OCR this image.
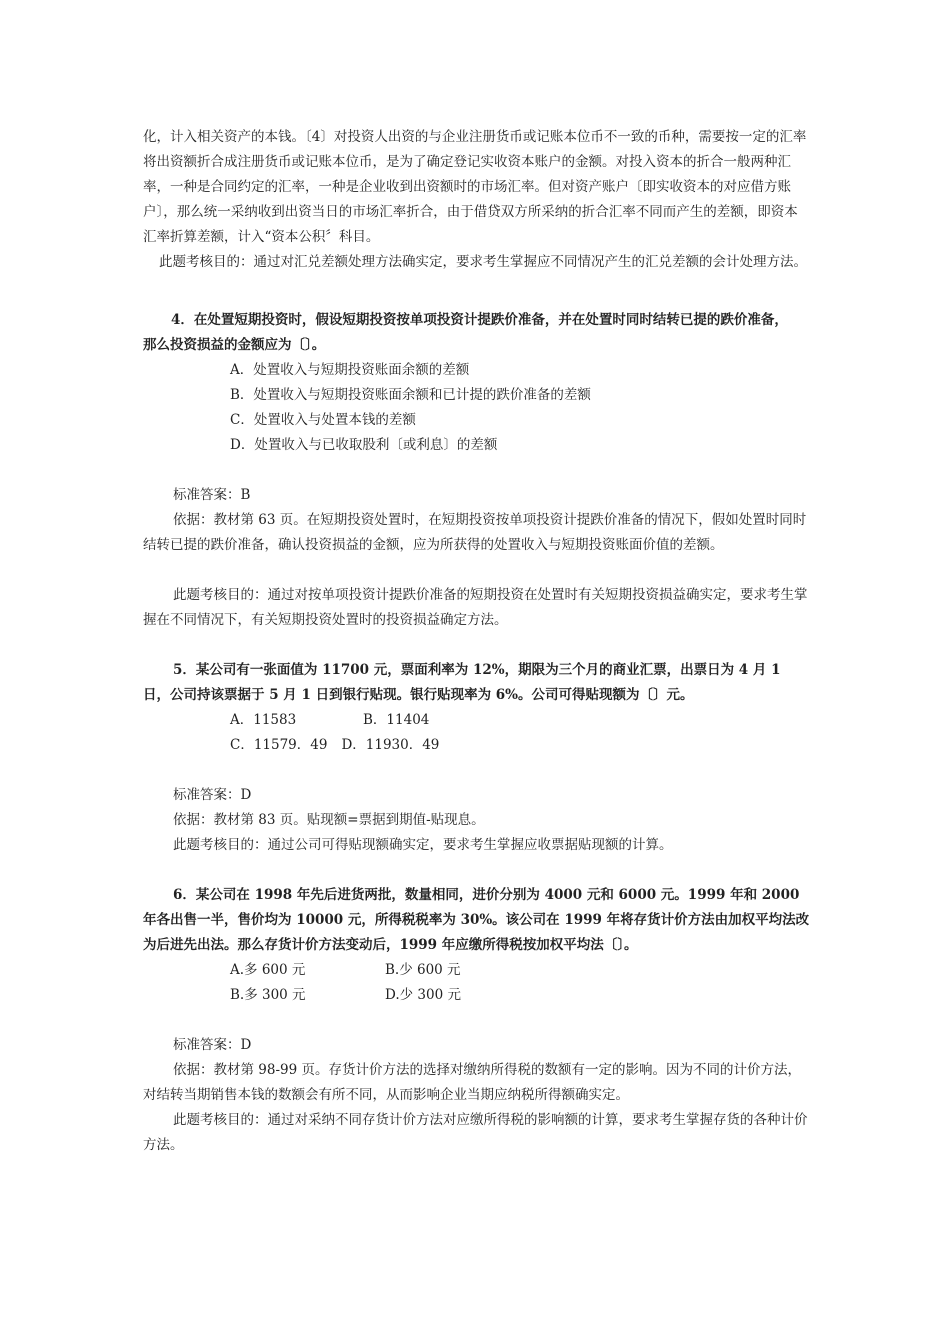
化，计入相关资产的本钱。〔4〕对投资人出资的与企业注册货币或记账本位币不一致的币种，需要按一定的汇率将出资额折合成注册货币或记账本位币，是为了确定登记实收资本账户的金额。对投入资本的折合一般两种汇率，一种是合同约定的汇率，一种是企业收到出资额时的市场汇率。但对资产账户〔即实收资本的对应借方账户〕，那么统一采纳收到出资当日的市场汇率折合，由于借贷双方所采纳的折合汇率不同而产生的差额，即资本汇率折算差额，计入“资本公积〞科目。

此题考核目的：通过对汇兑差额处理方法确实定，要求考生掌握应不同情况产生的汇兑差额的会计处理方法。

4．在处置短期投资时，假设短期投资按单项投资计提跌价准备，并在处置时同时结转已提的跌价准备，

那么投资损益的金额应为〔〕。

A．处置收入与短期投资账面余额的差额

B．处置收入与短期投资账面余额和已计提的跌价准备的差额

C．处置收入与处置本钱的差额

D．处置收入与已收取股利〔或利息〕的差额

标准答案：B

依据：教材第 63 页。在短期投资处置时，在短期投资按单项投资计提跌价准备的情况下，假如处置时同时结转已提的跌价准备，确认投资损益的金额，应为所获得的处置收入与短期投资账面价值的差额。

此题考核目的：通过对按单项投资计提跌价准备的短期投资在处置时有关短期投资损益确实定，要求考生掌握在不同情况下，有关短期投资处置时的投资损益确定方法。

5．某公司有一张面值为 11700 元，票面利率为 12%，期限为三个月的商业汇票，出票日为 4 月 1 日，公司持该票据于 5 月 1 日到银行贴现。银行贴现率为 6%。公司可得贴现额为〔〕元。

A．11583	B．11404
C．11579．49 D．11930．49

标准答案：D

依据：教材第 83 页。贴现额=票据到期值-贴现息。

此题考核目的：通过公司可得贴现额确实定，要求考生掌握应收票据贴现额的计算。

6．某公司在 1998 年先后进货两批，数量相同，进价分别为 4000 元和 6000 元。1999 年和 2000 年各出售一半，售价均为 10000 元，所得税税率为 30%。该公司在 1999 年将存货计价方法由加权平均法改为后进先出法。那么存货计价方法变动后，1999 年应缴所得税按加权平均法〔〕。

A.多 600 元	B.少 600 元
B.多 300 元	D.少 300 元

标准答案：D

依据：教材第 98-99 页。存货计价方法的选择对缴纳所得税的数额有一定的影响。因为不同的计价方法，对结转当期销售本钱的数额会有所不同，从而影响企业当期应纳税所得额确实定。

此题考核目的：通过对采纳不同存货计价方法对应缴所得税的影响额的计算，要求考生掌握存货的各种计价方法。
